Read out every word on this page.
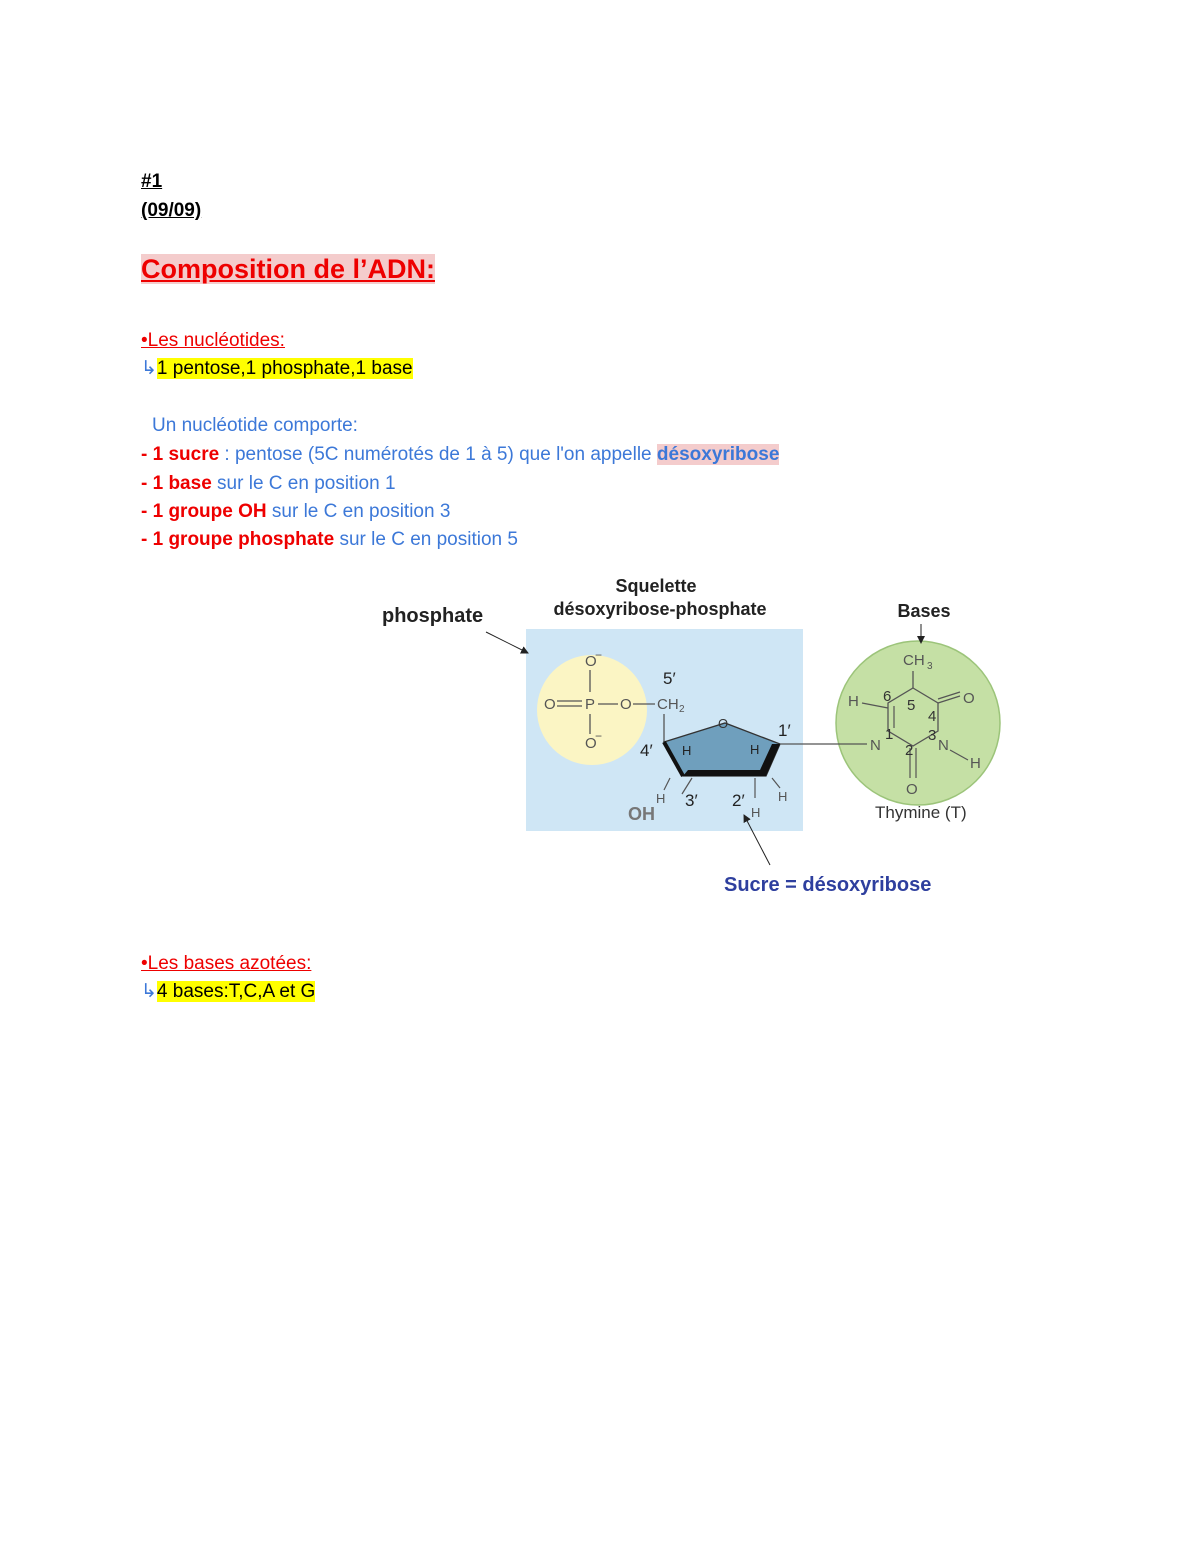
#1
(09/09)
Composition de l’ADN:
•Les nucléotides:
↳1 pentose,1 phosphate,1 base
Un nucléotide comporte:
- 1 sucre : pentose (5C numérotés de 1 à 5) que l'on appelle désoxyribose
- 1 base sur le C en position 1
- 1 groupe OH sur le C en position 3
- 1 groupe phosphate sur le C en position 5
phosphate
Squelette
désoxyribose-phosphate	Bases
O
−
O P O
O
−
5′
CH 2
O
4′
1′
H	H
H	H
3′ 2′
H
OH
CH 3
H
N	N
O
H
O
6
5
4
1 3
2
Thymine (T)
Sucre = désoxyribose
•Les bases azotées:
↳4 bases:T,C,A et G
